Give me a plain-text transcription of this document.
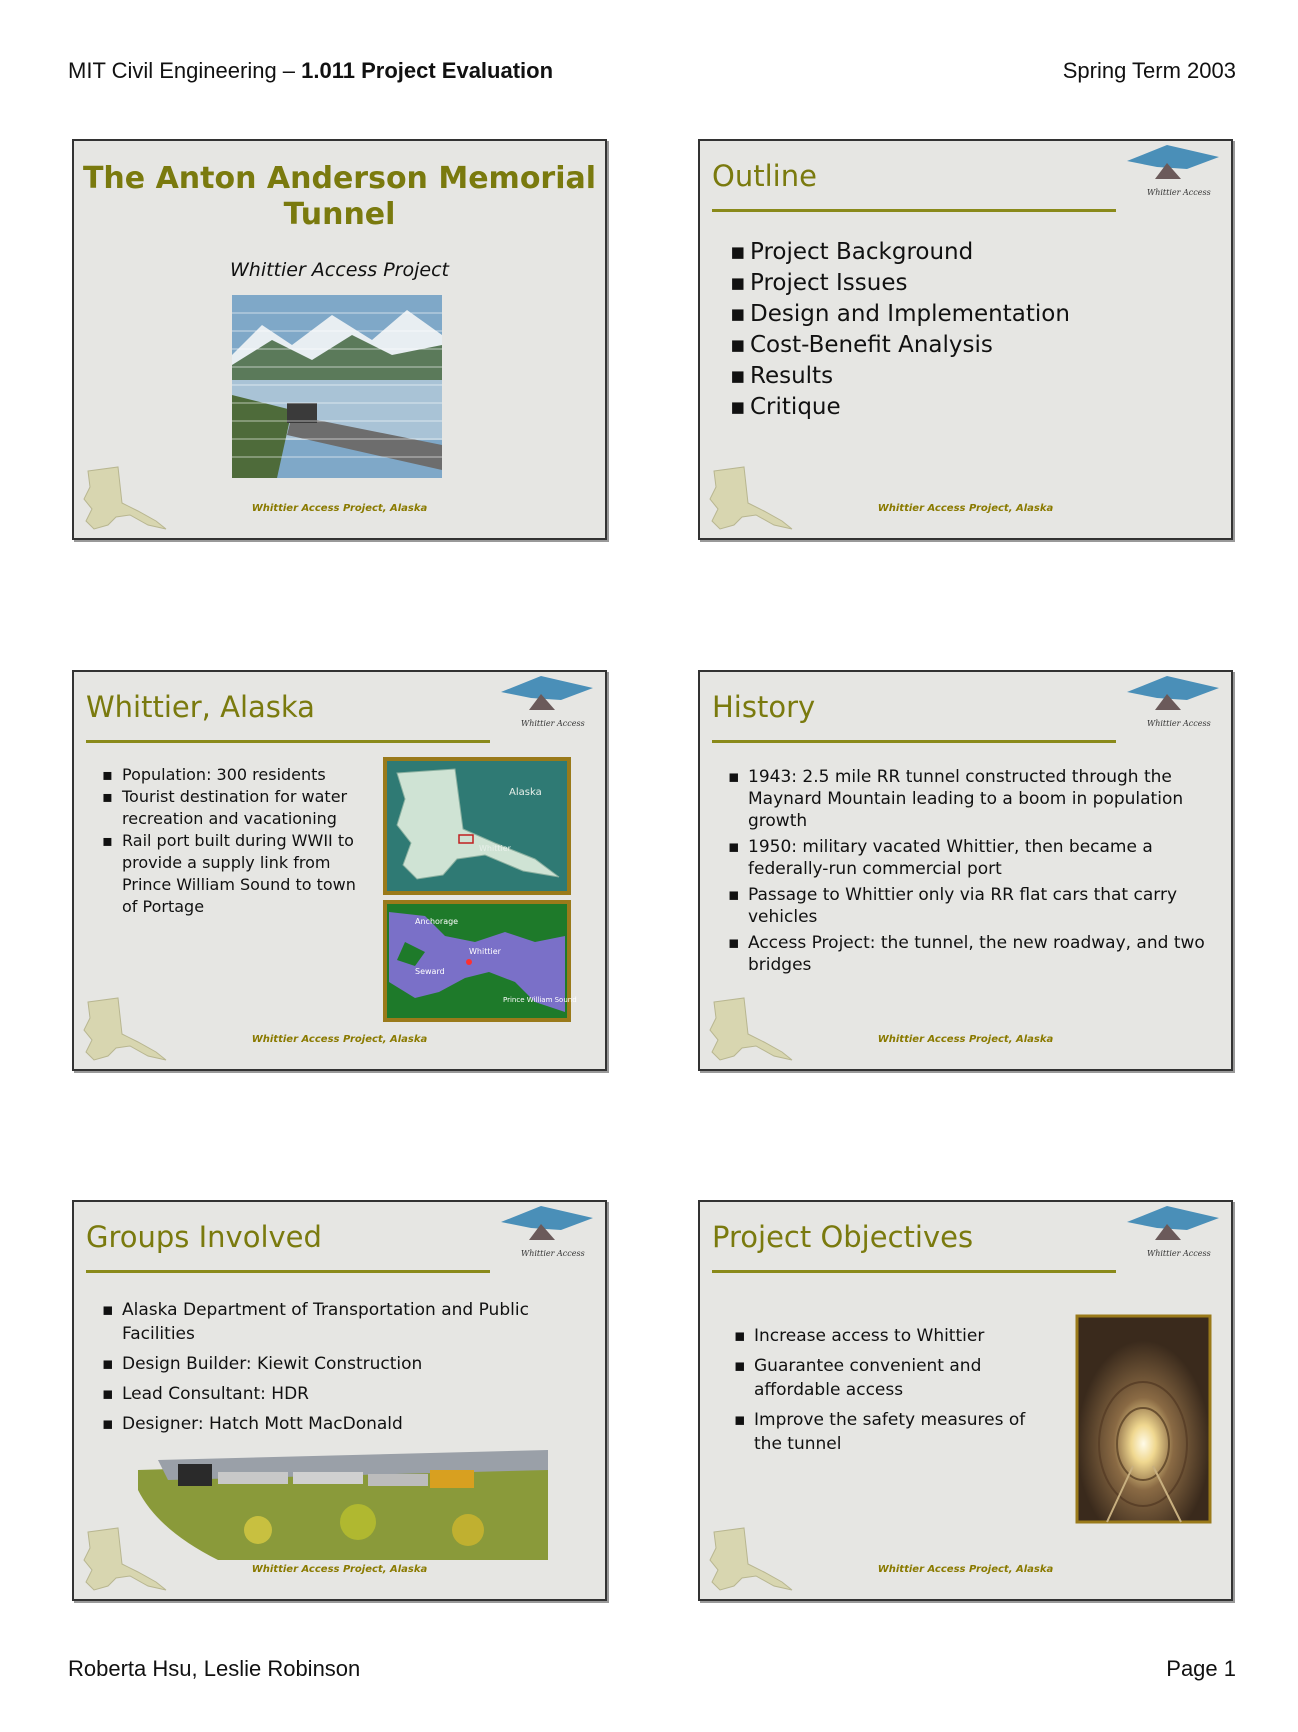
MIT Civil Engineering – 1.011 Project Evaluation	Spring Term 2003
The Anton Anderson Memorial Tunnel
Whittier Access Project
Whittier Access Project, Alaska
Outline	Whittier Access
▪ Project Background
▪ Project Issues
▪ Design and Implementation
▪ Cost-Benefit Analysis
▪ Results
▪ Critique
Whittier Access Project, Alaska
Whittier, Alaska	Whittier Access
▪ Population: 300 residents
▪ Tourist destination for water recreation and vacationing
▪ Rail port built during WWII to provide a supply link from Prince William Sound to town of Portage
Alaska
Whittier
Anchorage
Whittier
Seward
Prince William Sound
Whittier Access Project, Alaska
History	Whittier Access
▪ 1943: 2.5 mile RR tunnel constructed through the Maynard Mountain leading to a boom in population growth
▪ 1950: military vacated Whittier, then became a federally-run commercial port
▪ Passage to Whittier only via RR flat cars that carry vehicles
▪ Access Project: the tunnel, the new roadway, and two bridges
Whittier Access Project, Alaska
Groups Involved	Whittier Access
▪ Alaska Department of Transportation and Public Facilities
▪ Design Builder: Kiewit Construction
▪ Lead Consultant: HDR
▪ Designer: Hatch Mott MacDonald
Whittier Access Project, Alaska
Project Objectives	Whittier Access
▪ Increase access to Whittier
▪ Guarantee convenient and affordable access
▪ Improve the safety measures of the tunnel
Whittier Access Project, Alaska
Roberta Hsu, Leslie Robinson	Page 1
